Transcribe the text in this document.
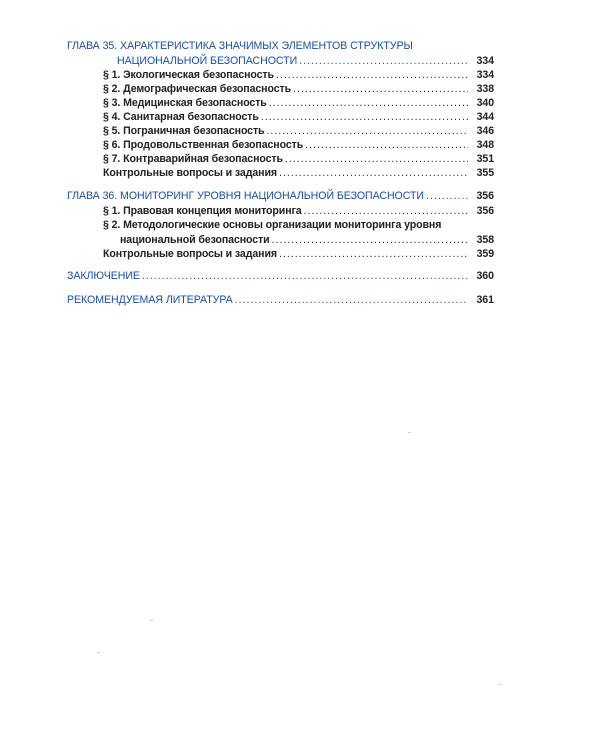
ГЛАВА 35. ХАРАКТЕРИСТИКА ЗНАЧИМЫХ ЭЛЕМЕНТОВ СТРУКТУРЫ
НАЦИОНАЛЬНОЙ БЕЗОПАСНОСТИ .....	334
§ 1. Экологическая безопасность .....	334
§ 2. Демографическая безопасность .....	338
§ 3. Медицинская безопасность .....	340
§ 4. Санитарная безопасность .....	344
§ 5. Пограничная безопасность .....	346
§ 6. Продовольственная безопасность .....	348
§ 7. Контраварийная безопасность .....	351
Контрольные вопросы и задания .....	355
ГЛАВА 36. МОНИТОРИНГ УРОВНЯ НАЦИОНАЛЬНОЙ БЕЗОПАСНОСТИ .....	356
§ 1. Правовая концепция мониторинга .....	356
§ 2. Методологические основы организации мониторинга уровня
национальной безопасности .....	358
Контрольные вопросы и задания .....	359
ЗАКЛЮЧЕНИЕ .....	360
РЕКОМЕНДУЕМАЯ ЛИТЕРАТУРА .....	361
